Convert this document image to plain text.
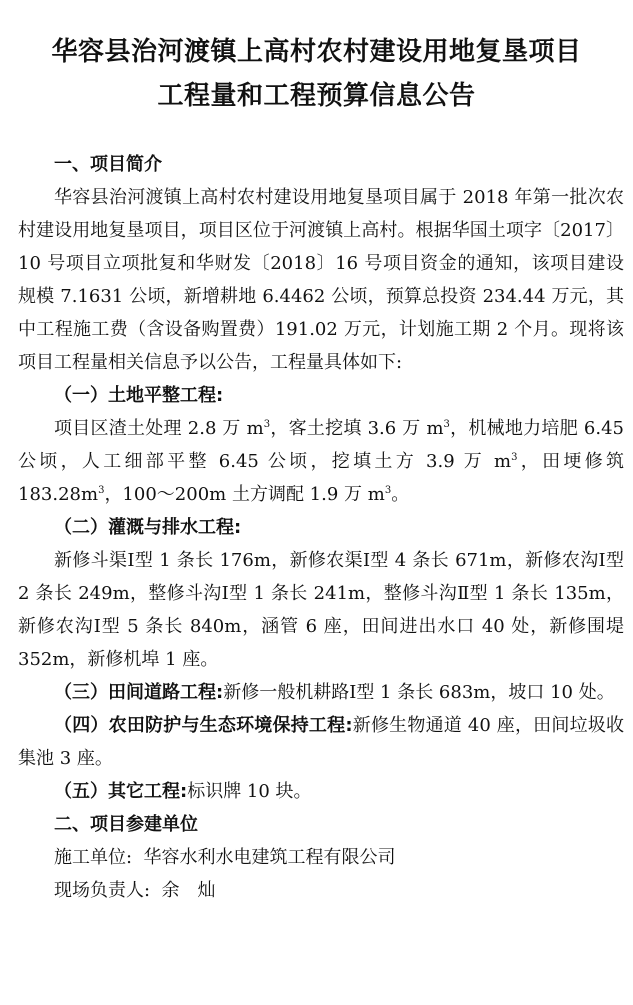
华容县治河渡镇上高村农村建设用地复垦项目
工程量和工程预算信息公告

一、项目简介

华容县治河渡镇上高村农村建设用地复垦项目属于 2018 年第一批次农村建设用地复垦项目，项目区位于河渡镇上高村。根据华国土项字〔2017〕10 号项目立项批复和华财发〔2018〕16 号项目资金的通知，该项目建设规模 7.1631 公顷，新增耕地 6.4462 公顷，预算总投资 234.44 万元，其中工程施工费（含设备购置费）191.02 万元，计划施工期 2 个月。现将该项目工程量相关信息予以公告，工程量具体如下:

（一）土地平整工程:

项目区渣土处理 2.8 万 $m^3$，客土挖填 3.6 万 $m^3$，机械地力培肥 6.45 公顷，人工细部平整 6.45 公顷，挖填土方 3.9 万 $m^3$，田埂修筑 $183.28m^3$，100～200m 土方调配 1.9 万 $m^3$。

（二）灌溉与排水工程:

新修斗渠Ⅰ型 1 条长 176m，新修农渠Ⅰ型 4 条长 671m，新修农沟Ⅰ型 2 条长 249m，整修斗沟Ⅰ型 1 条长 241m，整修斗沟Ⅱ型 1 条长 135m，新修农沟Ⅰ型 5 条长 840m，涵管 6 座，田间进出水口 40 处，新修围堤 352m，新修机埠 1 座。

（三）田间道路工程:新修一般机耕路Ⅰ型 1 条长 683m，坡口 10 处。

（四）农田防护与生态环境保持工程:新修生物通道 40 座，田间垃圾收集池 3 座。

（五）其它工程:标识牌 10 块。

二、项目参建单位

施工单位: 华容水利水电建筑工程有限公司

现场负责人: 余　灿
